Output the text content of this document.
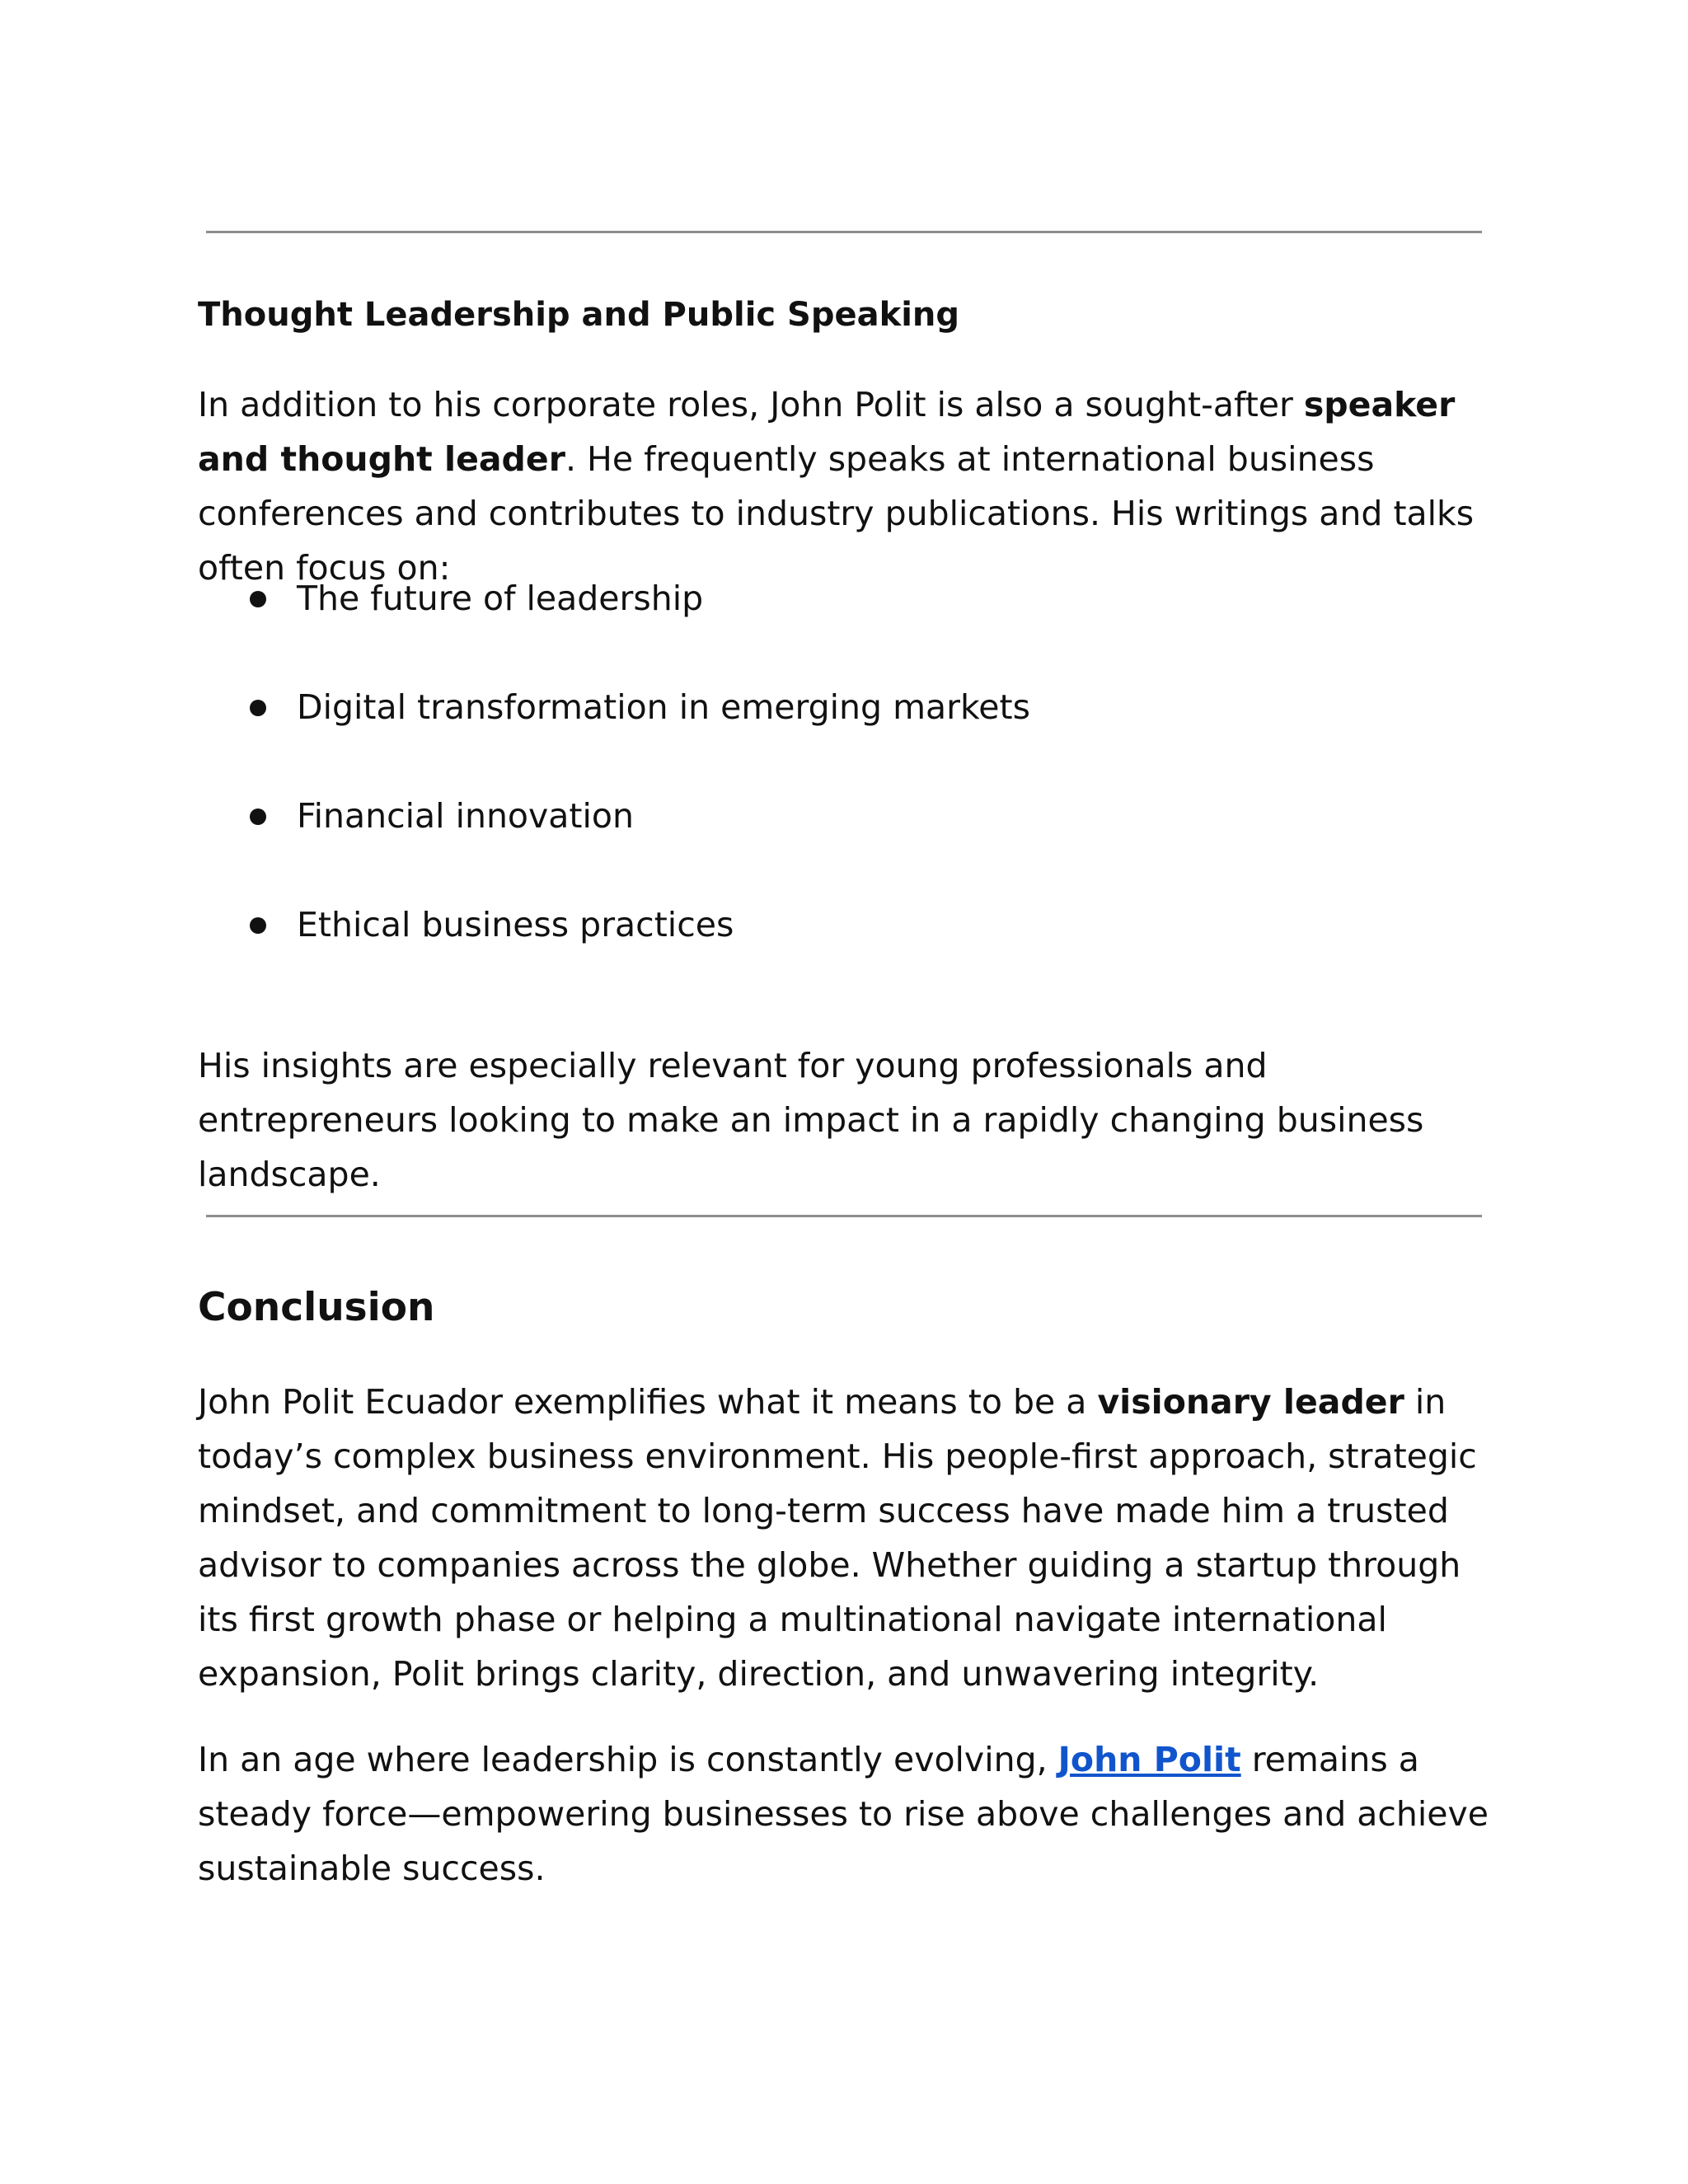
Thought Leadership and Public Speaking

In addition to his corporate roles, John Polit is also a sought-after speaker and thought leader. He frequently speaks at international business conferences and contributes to industry publications. His writings and talks often focus on:

The future of leadership
Digital transformation in emerging markets
Financial innovation
Ethical business practices

His insights are especially relevant for young professionals and entrepreneurs looking to make an impact in a rapidly changing business landscape.

Conclusion

John Polit Ecuador exemplifies what it means to be a visionary leader in today’s complex business environment. His people-first approach, strategic mindset, and commitment to long-term success have made him a trusted advisor to companies across the globe. Whether guiding a startup through its first growth phase or helping a multinational navigate international expansion, Polit brings clarity, direction, and unwavering integrity.

In an age where leadership is constantly evolving, John Polit remains a steady force—empowering businesses to rise above challenges and achieve sustainable success.
